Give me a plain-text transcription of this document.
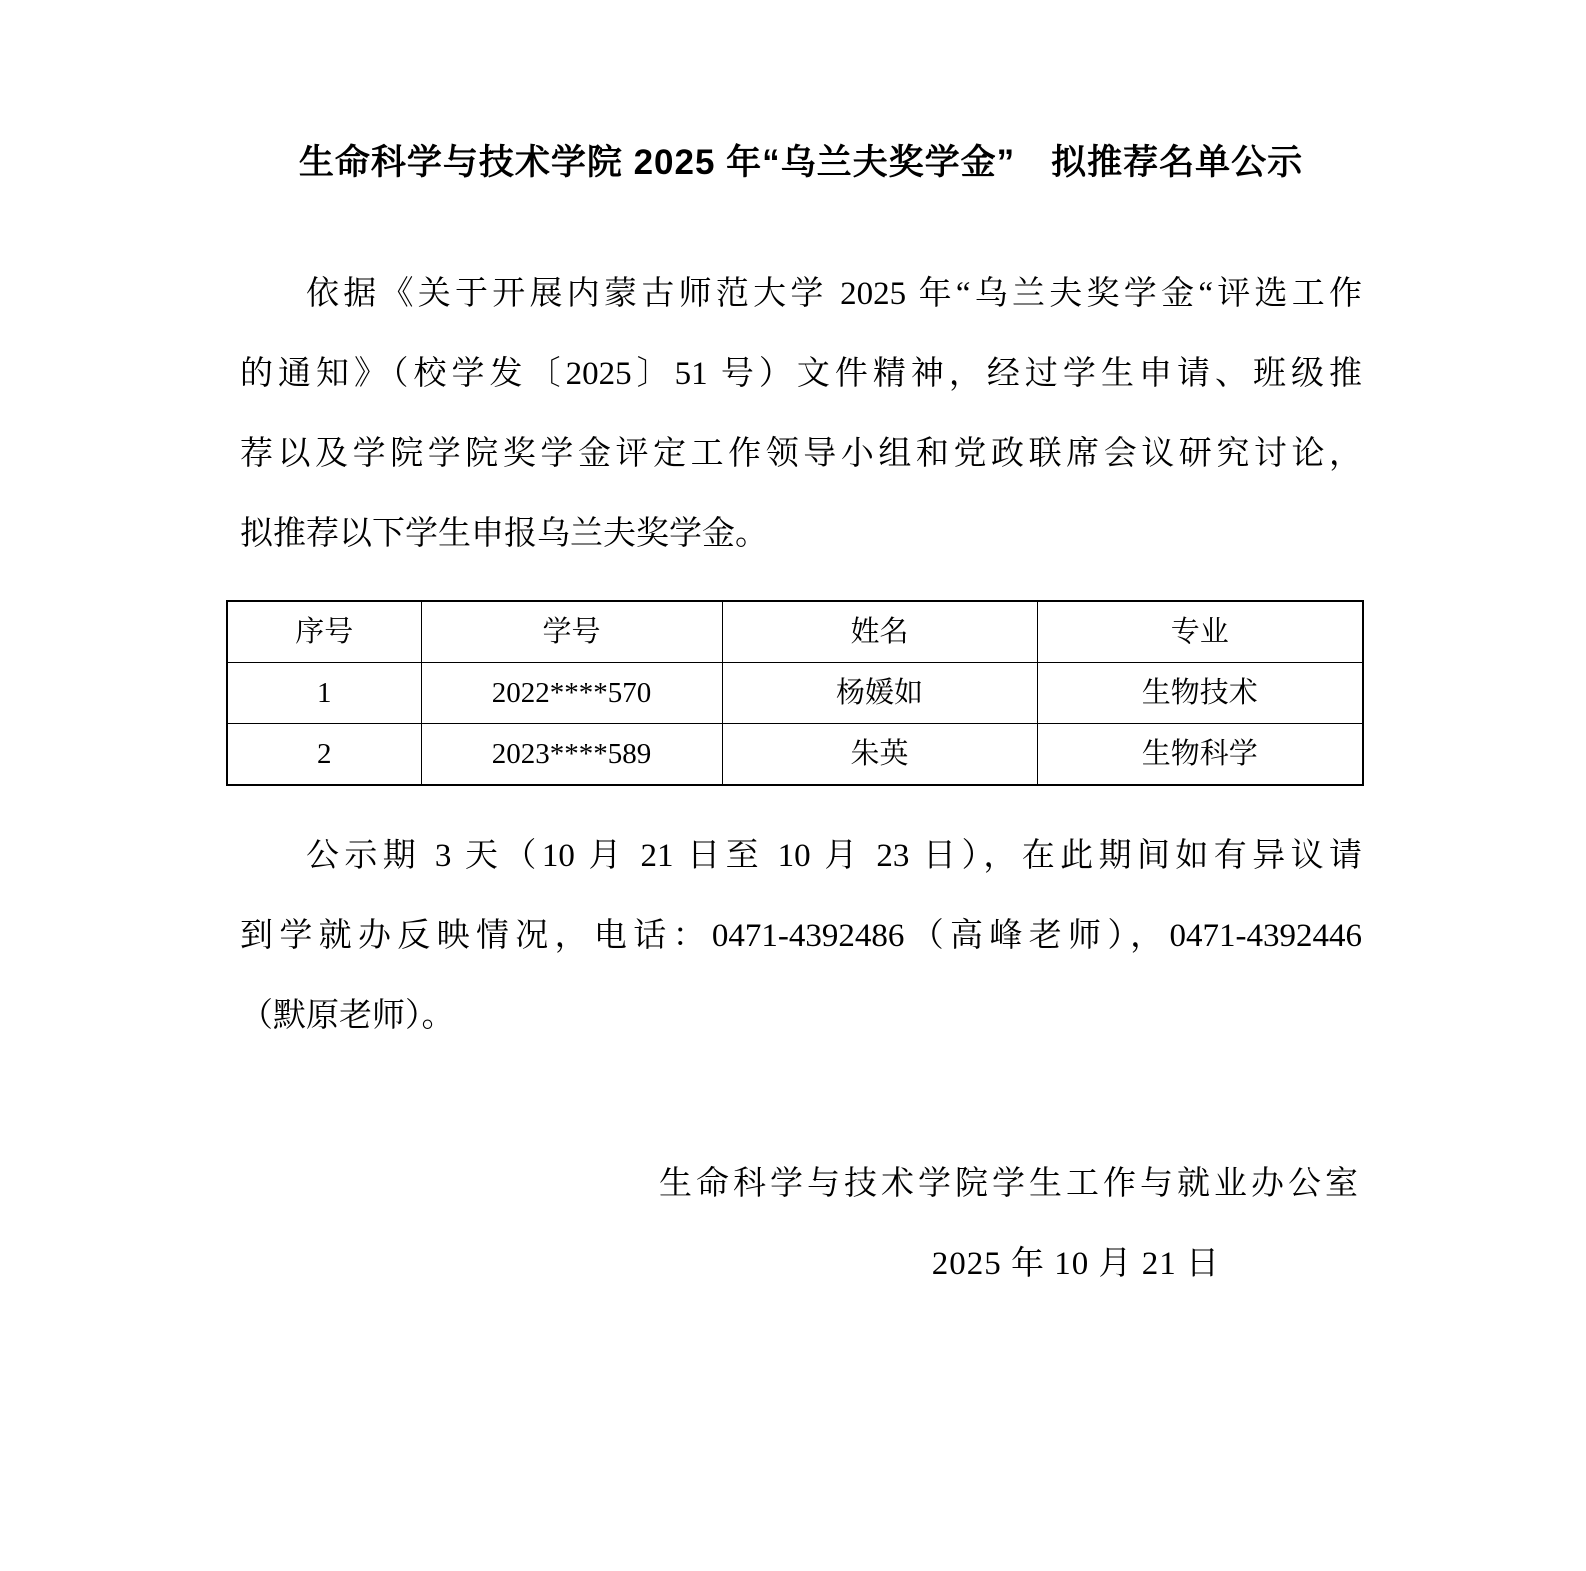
生命科学与技术学院 2025 年“乌兰夫奖学金”　拟推荐名单公示
依据《关于开展内蒙古师范大学 2025 年“乌兰夫奖学金“评选工作
的通知》（校学发〔2025〕51 号）文件精神，经过学生申请、班级推
荐以及学院学院奖学金评定工作领导小组和党政联席会议研究讨论，
拟推荐以下学生申报乌兰夫奖学金。
序号	学号	姓名	专业
1	2022****570	杨媛如	生物技术
2	2023****589	朱英	生物科学
公示期 3 天（10 月 21 日至 10 月 23 日），在此期间如有异议请
到学就办反映情况，电话：0471-4392486（高峰老师），0471-4392446
（默原老师）。
生命科学与技术学院学生工作与就业办公室
2025 年 10 月 21 日
